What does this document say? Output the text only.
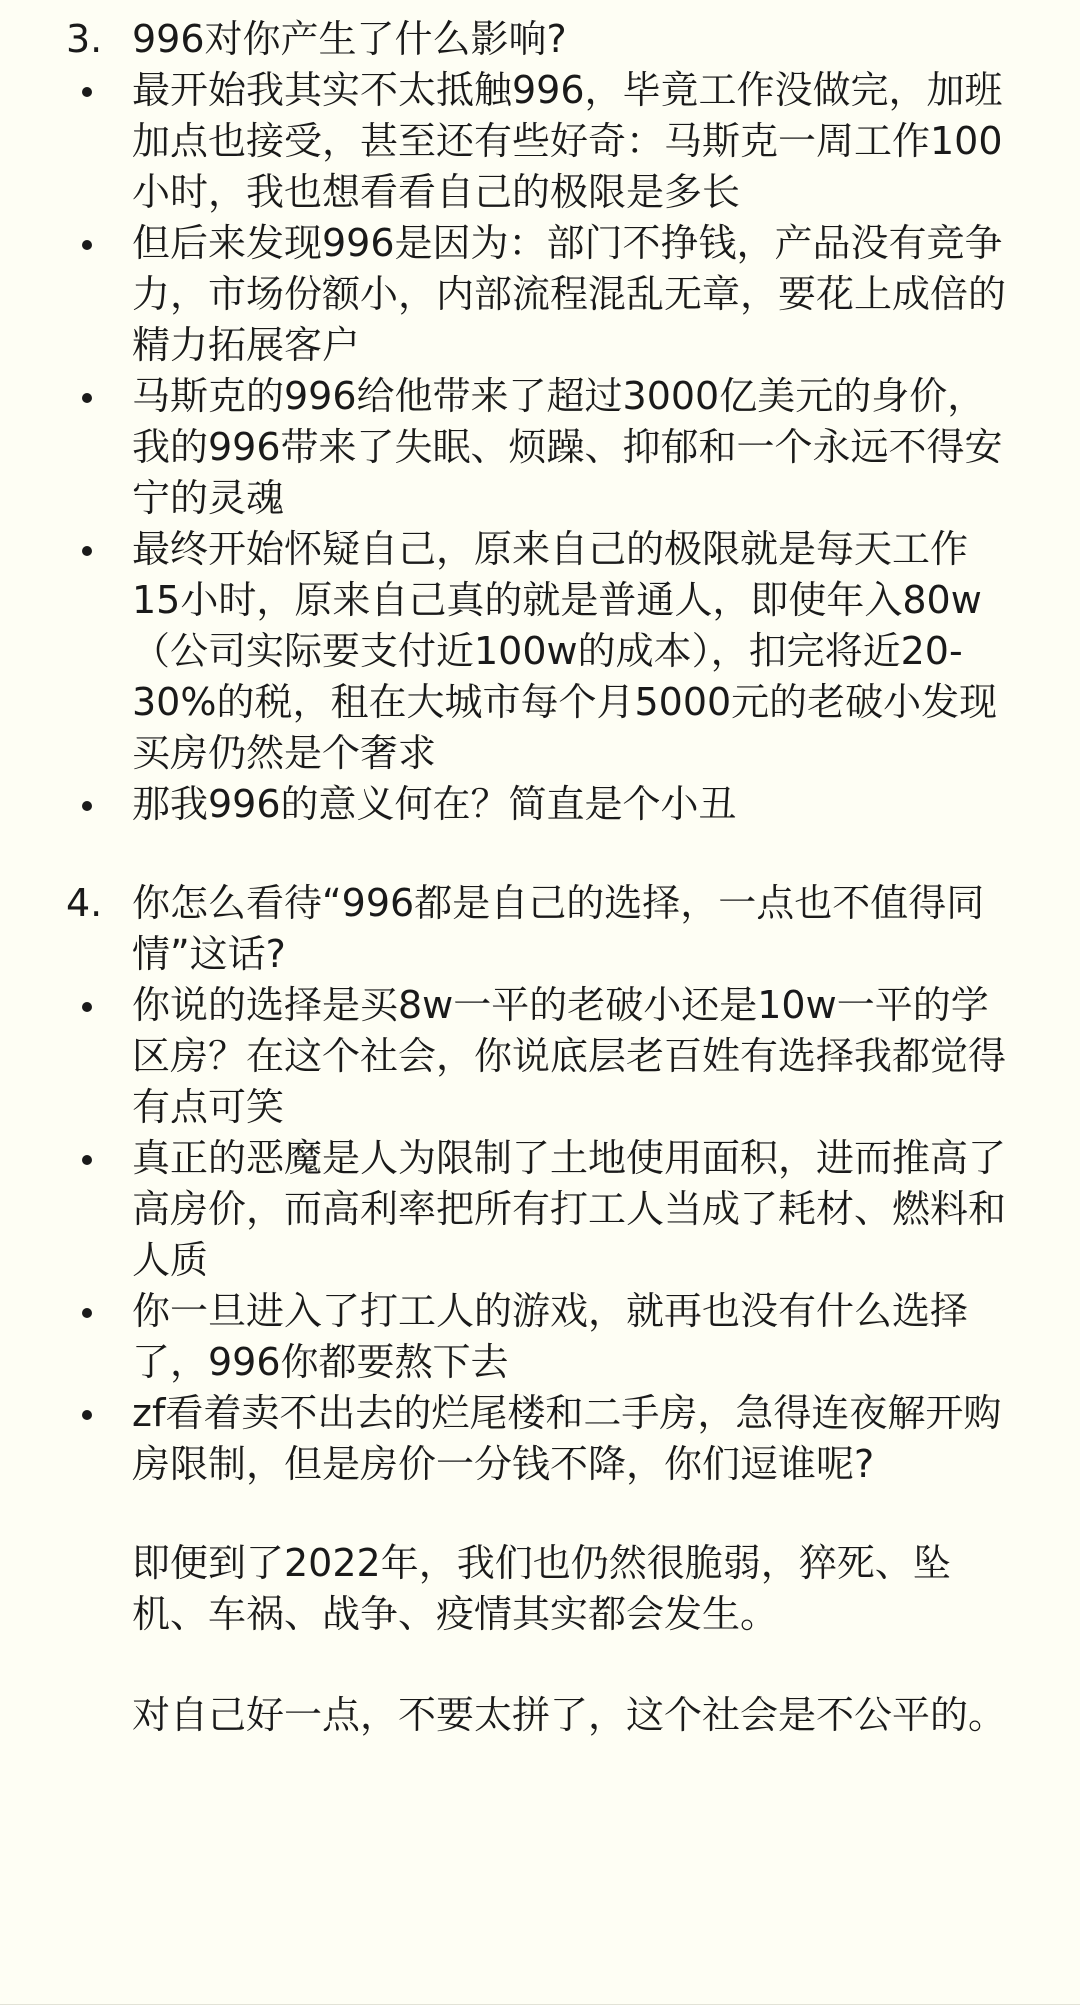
3. 996对你产生了什么影响?
最开始我其实不太抵触996，毕竟工作没做完，加班加点也接受，甚至还有些好奇：马斯克一周工作100小时，我也想看看自己的极限是多长
但后来发现996是因为：部门不挣钱，产品没有竞争力，市场份额小，内部流程混乱无章，要花上成倍的精力拓展客户
马斯克的996给他带来了超过3000亿美元的身价，我的996带来了失眠、烦躁、抑郁和一个永远不得安宁的灵魂
最终开始怀疑自己，原来自己的极限就是每天工作15小时，原来自己真的就是普通人，即使年入80w（公司实际要支付近100w的成本），扣完将近20-30%的税，租在大城市每个月5000元的老破小发现买房仍然是个奢求
那我996的意义何在？简直是个小丑
4. 你怎么看待“996都是自己的选择，一点也不值得同情”这话?
你说的选择是买8w一平的老破小还是10w一平的学区房？在这个社会，你说底层老百姓有选择我都觉得有点可笑
真正的恶魔是人为限制了土地使用面积，进而推高了高房价，而高利率把所有打工人当成了耗材、燃料和人质
你一旦进入了打工人的游戏，就再也没有什么选择了，996你都要熬下去
zf看着卖不出去的烂尾楼和二手房，急得连夜解开购房限制，但是房价一分钱不降，你们逗谁呢?
即便到了2022年，我们也仍然很脆弱，猝死、坠机、车祸、战争、疫情其实都会发生。
对自己好一点，不要太拼了，这个社会是不公平的。
